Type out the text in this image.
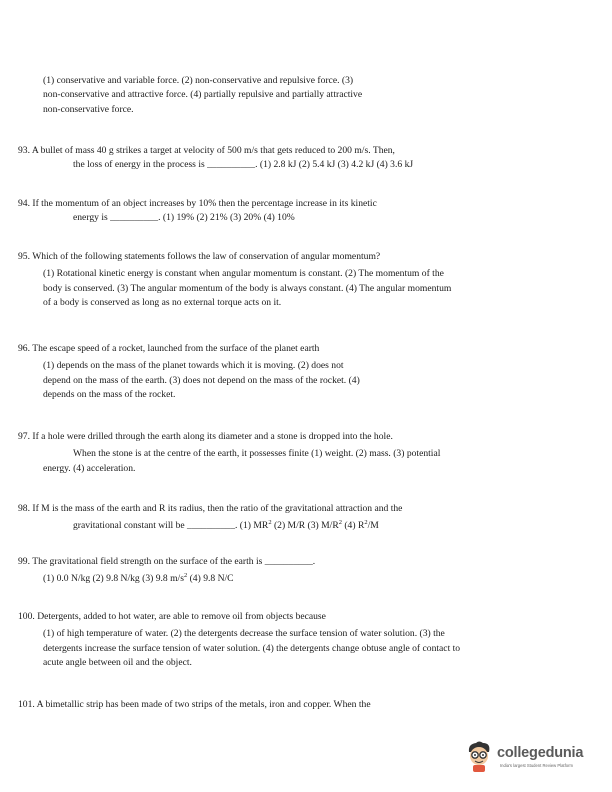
(1) conservative and variable force. (2) non-conservative and repulsive force. (3)
non-conservative and attractive force. (4) partially repulsive and partially attractive
non-conservative force.
93. A bullet of mass 40 g strikes a target at velocity of 500 m/s that gets reduced to 200 m/s. Then,
the loss of energy in the process is __________. (1) 2.8 kJ (2) 5.4 kJ (3) 4.2 kJ (4) 3.6 kJ
94. If the momentum of an object increases by 10% then the percentage increase in its kinetic
energy is __________. (1) 19% (2) 21% (3) 20% (4) 10%
95. Which of the following statements follows the law of conservation of angular momentum?
(1) Rotational kinetic energy is constant when angular momentum is constant. (2) The momentum of the
body is conserved. (3) The angular momentum of the body is always constant. (4) The angular momentum
of a body is conserved as long as no external torque acts on it.
96. The escape speed of a rocket, launched from the surface of the planet earth
(1) depends on the mass of the planet towards which it is moving. (2) does not
depend on the mass of the earth. (3) does not depend on the mass of the rocket. (4)
depends on the mass of the rocket.
97. If a hole were drilled through the earth along its diameter and a stone is dropped into the hole.
When the stone is at the centre of the earth, it possesses finite (1) weight. (2) mass. (3) potential
energy. (4) acceleration.
98. If M is the mass of the earth and R its radius, then the ratio of the gravitational attraction and the
gravitational constant will be __________. (1) $MR^2$ (2) M/R (3) $M/R^2$ (4) $R^2/M$
99. The gravitational field strength on the surface of the earth is __________.
(1) 0.0 N/kg (2) 9.8 N/kg (3) 9.8 $m/s^2$ (4) 9.8 N/C
100. Detergents, added to hot water, are able to remove oil from objects because
(1) of high temperature of water. (2) the detergents decrease the surface tension of water solution. (3) the
detergents increase the surface tension of water solution. (4) the detergents change obtuse angle of contact to
acute angle between oil and the object.
101. A bimetallic strip has been made of two strips of the metals, iron and copper. When the
collegedunia
India's largest Student Review Platform
